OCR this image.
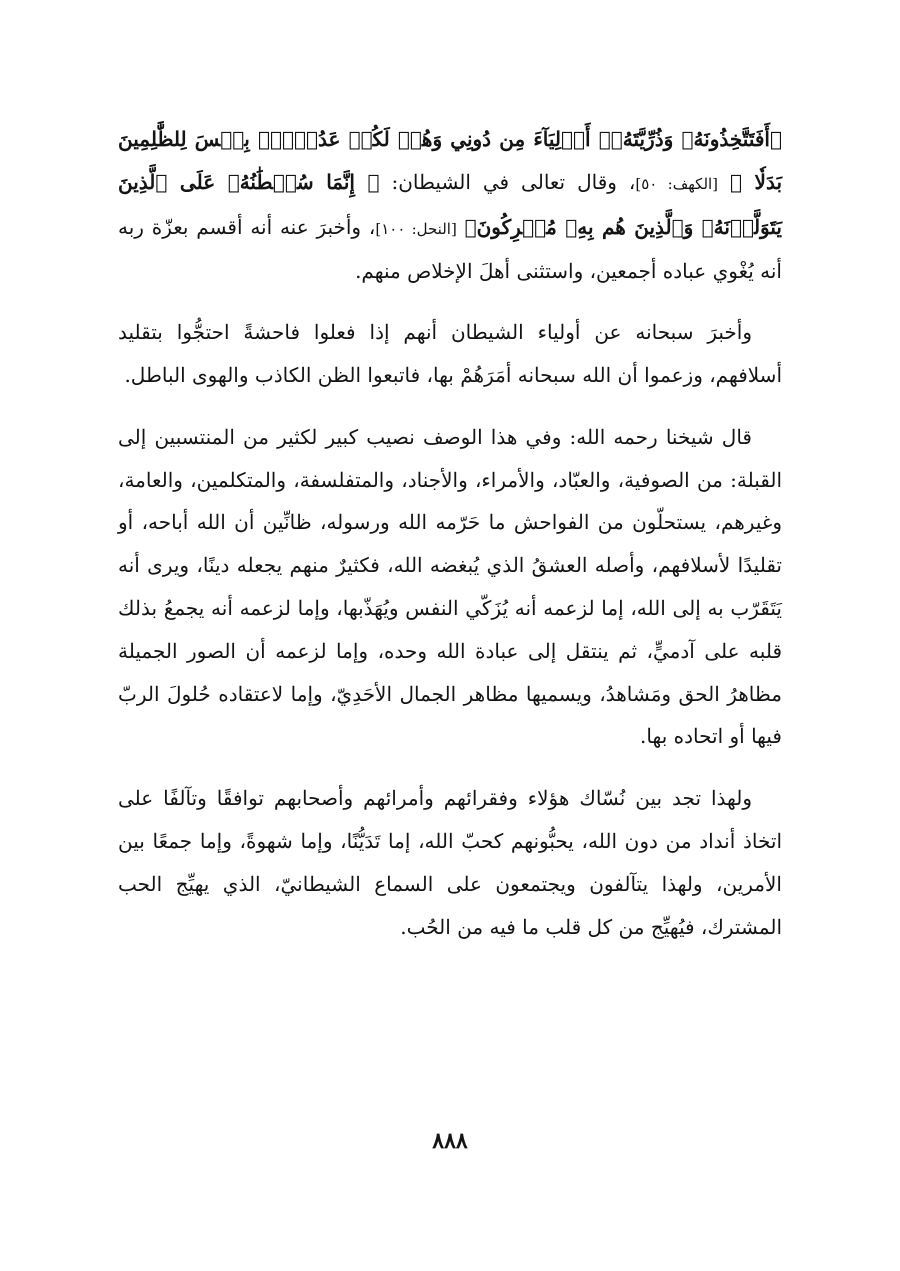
﴿أَفَتَتَّخِذُونَهُۥ وَذُرِّيَّتَهُۥٓ أَوۡلِيَآءَ مِن دُونِي وَهُمۡ لَكُمۡ عَدُوُّۢۚ بِئۡسَ لِلظَّٰلِمِينَ بَدَلٗا ﴾ [الكهف: ٥٠]، وقال تعالى في الشيطان: ﴿ إِنَّمَا سُلۡطَٰنُهُۥ عَلَى ٱلَّذِينَ يَتَوَلَّوۡنَهُۥ وَٱلَّذِينَ هُم بِهِۦ مُشۡرِكُونَ﴾ [النحل: ١٠٠]، وأخبرَ عنه أنه أقسم بعزّة ربه أنه يُغْوي عباده أجمعين، واستثنى أهلَ الإخلاص منهم.

وأخبرَ سبحانه عن أولياء الشيطان أنهم إذا فعلوا فاحشةً احتجُّوا بتقليد أسلافهم، وزعموا أن الله سبحانه أمَرَهُمْ بها، فاتبعوا الظن الكاذب والهوى الباطل.

قال شيخنا رحمه الله: وفي هذا الوصف نصيب كبير لكثير من المنتسبين إلى القبلة: من الصوفية، والعبّاد، والأمراء، والأجناد، والمتفلسفة، والمتكلمين، والعامة، وغيرهم، يستحلّون من الفواحش ما حَرّمه الله ورسوله، ظانِّين أن الله أباحه، أو تقليدًا لأسلافهم، وأصله العشقُ الذي يُبغضه الله، فكثيرٌ منهم يجعله دينًا، ويرى أنه يَتَقَرّب به إلى الله، إما لزعمه أنه يُزَكّي النفس ويُهَذّبها، وإما لزعمه أنه يجمعُ بذلك قلبه على آدميٍّ، ثم ينتقل إلى عبادة الله وحده، وإما لزعمه أن الصور الجميلة مظاهرُ الحق ومَشاهدُ، ويسميها مظاهر الجمال الأحَدِيّ، وإما لاعتقاده حُلولَ الربّ فيها أو اتحاده بها.

ولهذا تجد بين نُسّاك هؤلاء وفقرائهم وأمرائهم وأصحابهم توافقًا وتآلفًا على اتخاذ أنداد من دون الله، يحبُّونهم كحبّ الله، إما تَدَيُّنًا، وإما شهوةً، وإما جمعًا بين الأمرين، ولهذا يتآلفون ويجتمعون على السماع الشيطانيّ، الذي يهيِّج الحب المشترك، فيُهيِّج من كل قلب ما فيه من الحُب.

٨٨٨
